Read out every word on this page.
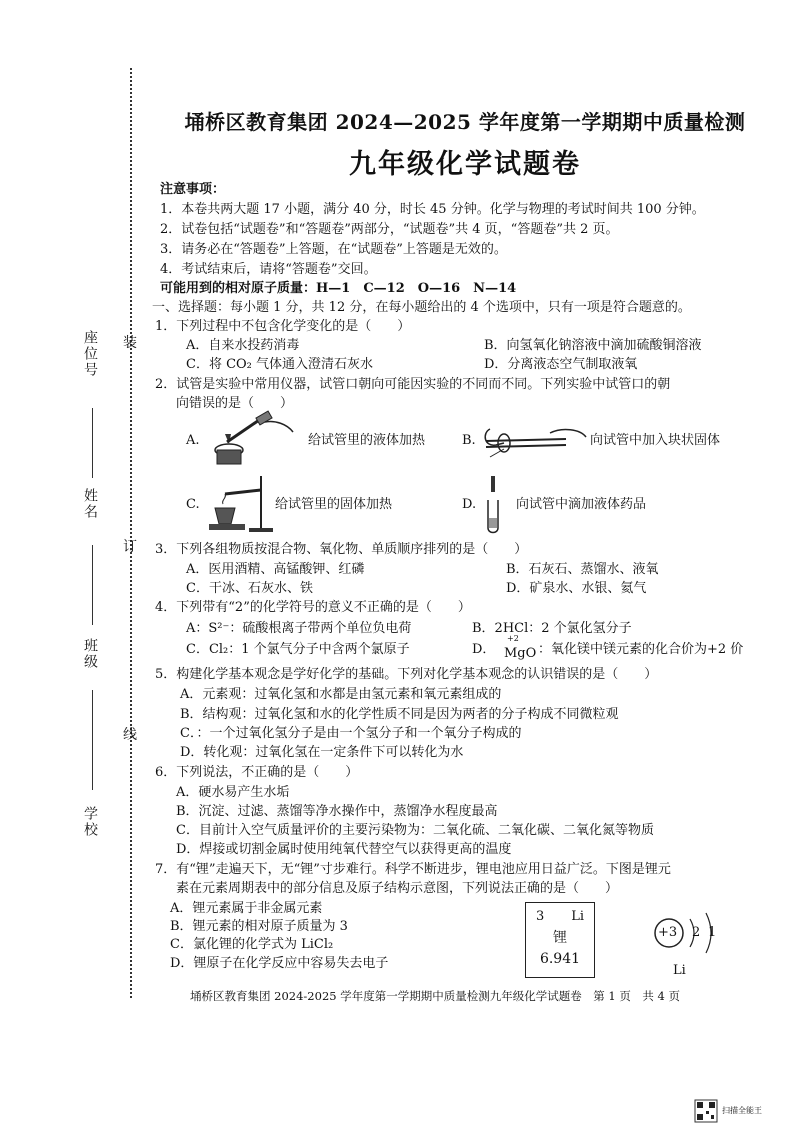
座位号
姓名
班级
学校
装
订
线
埇桥区教育集团 2024—2025 学年度第一学期期中质量检测
九年级化学试题卷
注意事项：
1．本卷共两大题 17 小题，满分 40 分，时长 45 分钟。化学与物理的考试时间共 100 分钟。
2．试卷包括“试题卷”和“答题卷”两部分，“试题卷”共 4 页，“答题卷”共 2 页。
3．请务必在“答题卷”上答题，在“试题卷”上答题是无效的。
4．考试结束后，请将“答题卷”交回。
可能用到的相对原子质量：H—1　C—12　O—16　N—14
一、选择题：每小题 1 分，共 12 分，在每小题给出的 4 个选项中，只有一项是符合题意的。
1．下列过程中不包含化学变化的是（　　）
A．自来水投药消毒	B．向氢氧化钠溶液中滴加硫酸铜溶液
C．将 CO₂ 气体通入澄清石灰水	D．分离液态空气制取液氧
2．试管是实验中常用仪器，试管口朝向可能因实验的不同而不同。下列实验中试管口的朝
向错误的是（　　）
A.	给试管里的液体加热	B.	向试管中加入块状固体
C.	给试管里的固体加热	D.	向试管中滴加液体药品
3．下列各组物质按混合物、氧化物、单质顺序排列的是（　　）
A．医用酒精、高锰酸钾、红磷	B．石灰石、蒸馏水、液氧
C．干冰、石灰水、铁	D．矿泉水、水银、氦气
4．下列带有“2”的化学符号的意义不正确的是（　　）
A：S²⁻：硫酸根离子带两个单位负电荷	B．2HCl：2 个氯化氢分子
C．Cl₂：1 个氯气分子中含两个氯原子	D． MgO
+2
：氧化镁中镁元素的化合价为+2 价
5．构建化学基本观念是学好化学的基础。下列对化学基本观念的认识错误的是（　　）
A．元素观：过氧化氢和水都是由氢元素和氧元素组成的
B．结构观：过氧化氢和水的化学性质不同是因为两者的分子构成不同微粒观
C．：一个过氧化氢分子是由一个氢分子和一个氧分子构成的
D．转化观：过氧化氢在一定条件下可以转化为水
6．下列说法，不正确的是（　　）
A．硬水易产生水垢
B．沉淀、过滤、蒸馏等净水操作中，蒸馏净水程度最高
C．目前计入空气质量评价的主要污染物为：二氧化硫、二氧化碳、二氧化氮等物质
D．焊接或切割金属时使用纯氧代替空气以获得更高的温度
7．有“锂”走遍天下，无“锂”寸步难行。科学不断进步，锂电池应用日益广泛。下图是锂元
素在元素周期表中的部分信息及原子结构示意图，下列说法正确的是（　　）
A．锂元素属于非金属元素
B．锂元素的相对原子质量为 3
C．氯化锂的化学式为 LiCl₂
D．锂原子在化学反应中容易失去电子
3 Li
锂
6.941
+3 2 1
Li
埇桥区教育集团 2024-2025 学年度第一学期期中质量检测九年级化学试题卷　第 1 页　共 4 页
扫描全能王
